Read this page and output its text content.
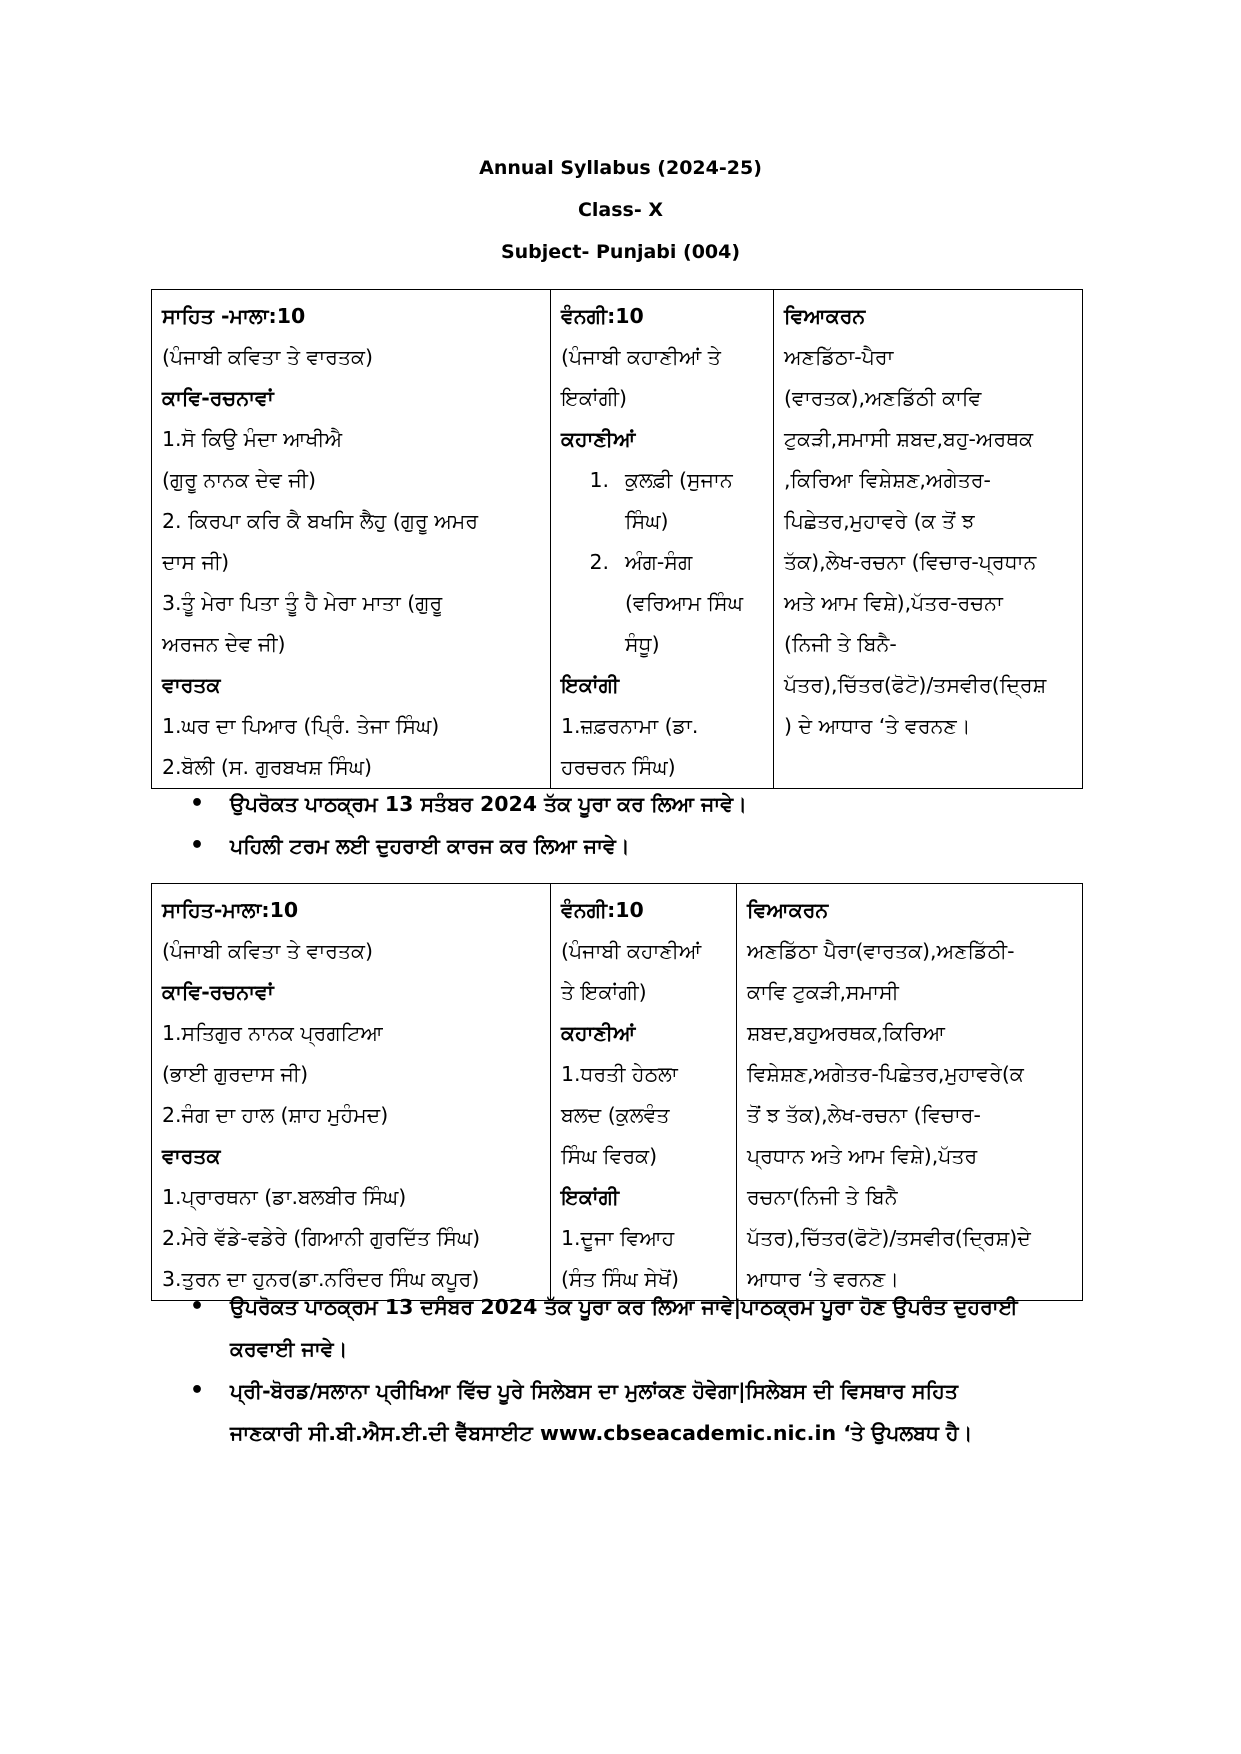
Annual Syllabus (2024-25)
Class- X
Subject- Punjabi (004)
ਸਾਹਿਤ -ਮਾਲਾ:10
(ਪੰਜਾਬੀ ਕਵਿਤਾ ਤੇ ਵਾਰਤਕ)
ਕਾਵਿ-ਰਚਨਾਵਾਂ
1.ਸੋ ਕਿਉ ਮੰਦਾ ਆਖੀਐ
(ਗੁਰੂ ਨਾਨਕ ਦੇਵ ਜੀ)
2. ਕਿਰਪਾ ਕਰਿ ਕੈ ਬਖਸਿ ਲੈਹੁ (ਗੁਰੂ ਅਮਰ
ਦਾਸ ਜੀ)
3.ਤੂੰ ਮੇਰਾ ਪਿਤਾ ਤੂੰ ਹੈ ਮੇਰਾ ਮਾਤਾ (ਗੁਰੂ
ਅਰਜਨ ਦੇਵ ਜੀ)
ਵਾਰਤਕ
1.ਘਰ ਦਾ ਪਿਆਰ (ਪ੍ਰਿੰ. ਤੇਜਾ ਸਿੰਘ)
2.ਬੋਲੀ (ਸ. ਗੁਰਬਖਸ਼ ਸਿੰਘ)

ਵੰਨਗੀ:10
(ਪੰਜਾਬੀ ਕਹਾਣੀਆਂ ਤੇ
ਇਕਾਂਗੀ)
ਕਹਾਣੀਆਂ
1. ਕੁਲਫ਼ੀ (ਸੁਜਾਨ
ਸਿੰਘ)
2. ਅੰਗ-ਸੰਗ
(ਵਰਿਆਮ ਸਿੰਘ
ਸੰਧੂ)
ਇਕਾਂਗੀ
1.ਜ਼ਫ਼ਰਨਾਮਾ (ਡਾ.
ਹਰਚਰਨ ਸਿੰਘ)

ਵਿਆਕਰਨ
ਅਣਡਿੱਠਾ-ਪੈਰਾ
(ਵਾਰਤਕ),ਅਣਡਿੱਠੀ ਕਾਵਿ
ਟੁਕੜੀ,ਸਮਾਸੀ ਸ਼ਬਦ,ਬਹੁ-ਅਰਥਕ
,ਕਿਰਿਆ ਵਿਸ਼ੇਸ਼ਣ,ਅਗੇਤਰ-
ਪਿਛੇਤਰ,ਮੁਹਾਵਰੇ (ਕ ਤੋਂ ਝ
ਤੱਕ),ਲੇਖ-ਰਚਨਾ (ਵਿਚਾਰ-ਪ੍ਰਧਾਨ
ਅਤੇ ਆਮ ਵਿਸ਼ੇ),ਪੱਤਰ-ਰਚਨਾ
(ਨਿਜੀ ਤੇ ਬਿਨੈ-
ਪੱਤਰ),ਚਿੱਤਰ(ਫੋਟੋ)/ਤਸਵੀਰ(ਦ੍ਰਿਸ਼
) ਦੇ ਆਧਾਰ ‘ਤੇ ਵਰਨਣ।
• ਉਪਰੋਕਤ ਪਾਠਕ੍ਰਮ 13 ਸਤੰਬਰ 2024 ਤੱਕ ਪੂਰਾ ਕਰ ਲਿਆ ਜਾਵੇ।
• ਪਹਿਲੀ ਟਰਮ ਲਈ ਦੁਹਰਾਈ ਕਾਰਜ ਕਰ ਲਿਆ ਜਾਵੇ।
ਸਾਹਿਤ-ਮਾਲਾ:10
(ਪੰਜਾਬੀ ਕਵਿਤਾ ਤੇ ਵਾਰਤਕ)
ਕਾਵਿ-ਰਚਨਾਵਾਂ
1.ਸਤਿਗੁਰ ਨਾਨਕ ਪ੍ਰਗਟਿਆ
(ਭਾਈ ਗੁਰਦਾਸ ਜੀ)
2.ਜੰਗ ਦਾ ਹਾਲ (ਸ਼ਾਹ ਮੁਹੰਮਦ)
ਵਾਰਤਕ
1.ਪ੍ਰਾਰਥਨਾ (ਡਾ.ਬਲਬੀਰ ਸਿੰਘ)
2.ਮੇਰੇ ਵੱਡੇ-ਵਡੇਰੇ (ਗਿਆਨੀ ਗੁਰਦਿੱਤ ਸਿੰਘ)
3.ਤੁਰਨ ਦਾ ਹੁਨਰ(ਡਾ.ਨਰਿੰਦਰ ਸਿੰਘ ਕਪੂਰ)

ਵੰਨਗੀ:10
(ਪੰਜਾਬੀ ਕਹਾਣੀਆਂ
ਤੇ ਇਕਾਂਗੀ)
ਕਹਾਣੀਆਂ
1.ਧਰਤੀ ਹੇਠਲਾ
ਬਲਦ (ਕੁਲਵੰਤ
ਸਿੰਘ ਵਿਰਕ)
ਇਕਾਂਗੀ
1.ਦੂਜਾ ਵਿਆਹ
(ਸੰਤ ਸਿੰਘ ਸੇਖੋਂ)

ਵਿਆਕਰਨ
ਅਣਡਿੱਠਾ ਪੈਰਾ(ਵਾਰਤਕ),ਅਣਡਿੱਠੀ-
ਕਾਵਿ ਟੁਕੜੀ,ਸਮਾਸੀ
ਸ਼ਬਦ,ਬਹੁਅਰਥਕ,ਕਿਰਿਆ
ਵਿਸ਼ੇਸ਼ਣ,ਅਗੇਤਰ-ਪਿਛੇਤਰ,ਮੁਹਾਵਰੇ(ਕ
ਤੋਂ ਝ ਤੱਕ),ਲੇਖ-ਰਚਨਾ (ਵਿਚਾਰ-
ਪ੍ਰਧਾਨ ਅਤੇ ਆਮ ਵਿਸ਼ੇ),ਪੱਤਰ
ਰਚਨਾ(ਨਿਜੀ ਤੇ ਬਿਨੈ
ਪੱਤਰ),ਚਿੱਤਰ(ਫੋਟੋ)/ਤਸਵੀਰ(ਦ੍ਰਿਸ਼)ਦੇ
ਆਧਾਰ ‘ਤੇ ਵਰਨਣ।
• ਉਪਰੋਕਤ ਪਾਠਕ੍ਰਮ 13 ਦਸੰਬਰ 2024 ਤੱਕ ਪੂਰਾ ਕਰ ਲਿਆ ਜਾਵੇ|ਪਾਠਕ੍ਰਮ ਪੂਰਾ ਹੋਣ ਉਪਰੰਤ ਦੁਹਰਾਈ
ਕਰਵਾਈ ਜਾਵੇ।
• ਪ੍ਰੀ-ਬੋਰਡ/ਸਲਾਨਾ ਪ੍ਰੀਖਿਆ ਵਿੱਚ ਪੂਰੇ ਸਿਲੇਬਸ ਦਾ ਮੁਲਾਂਕਣ ਹੋਵੇਗਾ|ਸਿਲੇਬਸ ਦੀ ਵਿਸਥਾਰ ਸਹਿਤ
ਜਾਣਕਾਰੀ ਸੀ.ਬੀ.ਐਸ.ਈ.ਦੀ ਵੈੱਬਸਾਈਟ www.cbseacademic.nic.in ‘ਤੇ ਉਪਲਬਧ ਹੈ।
